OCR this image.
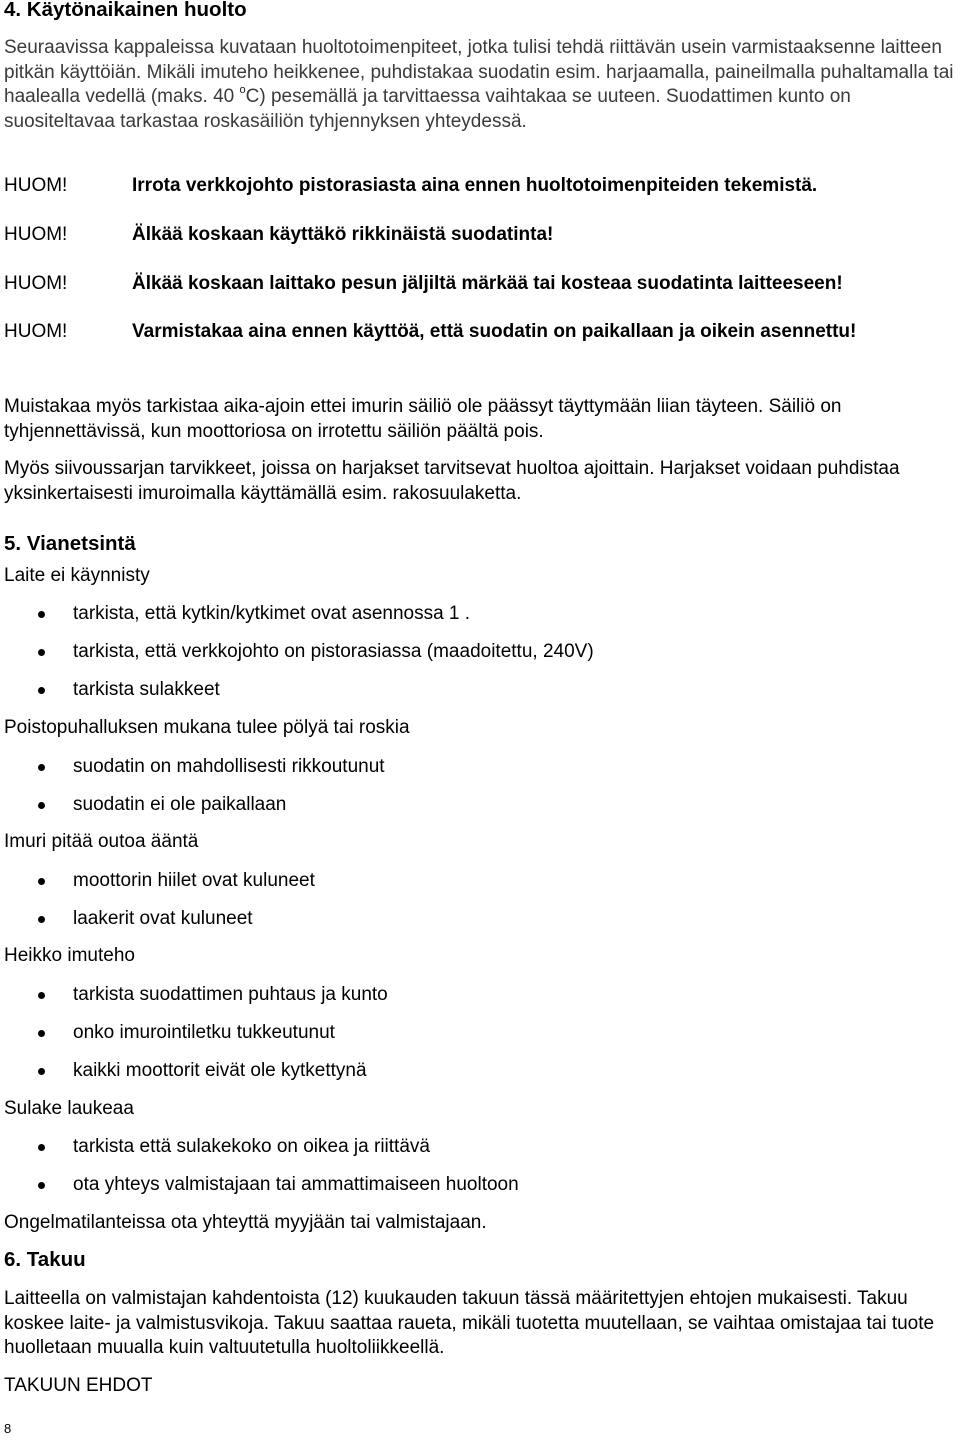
4. Käytönaikainen huolto

Seuraavissa kappaleissa kuvataan huoltotoimenpiteet, jotka tulisi tehdä riittävän usein varmistaaksenne laitteen pitkän käyttöiän. Mikäli imuteho heikkenee, puhdistakaa suodatin esim. harjaamalla, paineilmalla puhaltamalla tai haalealla vedellä (maks. 40 $^o$C) pesemällä ja tarvittaessa vaihtakaa se uuteen. Suodattimen kunto on suositeltavaa tarkastaa roskasäiliön tyhjennyksen yhteydessä.

HUOM!	Irrota verkkojohto pistorasiasta aina ennen huoltotoimenpiteiden tekemistä.
HUOM!	Älkää koskaan käyttäkö rikkinäistä suodatinta!
HUOM!	Älkää koskaan laittako pesun jäljiltä märkää tai kosteaa suodatinta laitteeseen!
HUOM!	Varmistakaa aina ennen käyttöä, että suodatin on paikallaan ja oikein asennettu!

Muistakaa myös tarkistaa aika-ajoin ettei imurin säiliö ole päässyt täyttymään liian täyteen. Säiliö on tyhjennettävissä, kun moottoriosa on irrotettu säiliön päältä pois.

Myös siivoussarjan tarvikkeet, joissa on harjakset tarvitsevat huoltoa ajoittain. Harjakset voidaan puhdistaa yksinkertaisesti imuroimalla käyttämällä esim. rakosuulaketta.

5. Vianetsintä
Laite ei käynnisty
tarkista, että kytkin/kytkimet ovat asennossa 1 .
tarkista, että verkkojohto on pistorasiassa (maadoitettu, 240V)
tarkista sulakkeet
Poistopuhalluksen mukana tulee pölyä tai roskia
suodatin on mahdollisesti rikkoutunut
suodatin ei ole paikallaan
Imuri pitää outoa ääntä
moottorin hiilet ovat kuluneet
laakerit ovat kuluneet
Heikko imuteho
tarkista suodattimen puhtaus ja kunto
onko imurointiletku tukkeutunut
kaikki moottorit eivät ole kytkettynä
Sulake laukeaa
tarkista että sulakekoko on oikea ja riittävä
ota yhteys valmistajaan tai ammattimaiseen huoltoon

Ongelmatilanteissa ota yhteyttä myyjään tai valmistajaan.

6. Takuu

Laitteella on valmistajan kahdentoista (12) kuukauden takuun tässä määritettyjen ehtojen mukaisesti. Takuu koskee laite- ja valmistusvikoja. Takuu saattaa raueta, mikäli tuotetta muutellaan, se vaihtaa omistajaa tai tuote huolletaan muualla kuin valtuutetulla huoltoliikkeellä.

TAKUUN EHDOT
8
